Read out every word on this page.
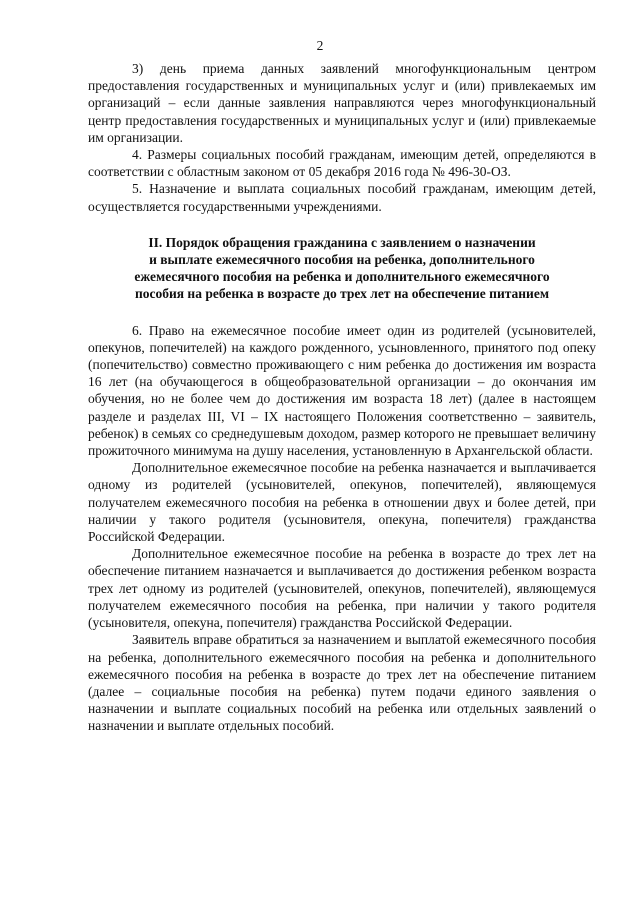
2

3) день приема данных заявлений многофункциональным центром предоставления государственных и муниципальных услуг и (или) привлекаемых им организаций – если данные заявления направляются через многофункциональный центр предоставления государственных и муниципальных услуг и (или) привлекаемые им организации.

4. Размеры социальных пособий гражданам, имеющим детей, определяются в соответствии с областным законом от 05 декабря 2016 года № 496-30-ОЗ.

5. Назначение и выплата социальных пособий гражданам, имеющим детей, осуществляется государственными учреждениями.

II. Порядок обращения гражданина с заявлением о назначении
и выплате ежемесячного пособия на ребенка, дополнительного
ежемесячного пособия на ребенка и дополнительного ежемесячного
пособия на ребенка в возрасте до трех лет на обеспечение питанием

6. Право на ежемесячное пособие имеет один из родителей (усыновителей, опекунов, попечителей) на каждого рожденного, усыновленного, принятого под опеку (попечительство) совместно проживающего с ним ребенка до достижения им возраста 16 лет (на обучающегося в общеобразовательной организации – до окончания им обучения, но не более чем до достижения им возраста 18 лет) (далее в настоящем разделе и разделах III, VI – IX настоящего Положения соответственно – заявитель, ребенок) в семьях со среднедушевым доходом, размер которого не превышает величину прожиточного минимума на душу населения, установленную в Архангельской области.

Дополнительное ежемесячное пособие на ребенка назначается и выплачивается одному из родителей (усыновителей, опекунов, попечителей), являющемуся получателем ежемесячного пособия на ребенка в отношении двух и более детей, при наличии у такого родителя (усыновителя, опекуна, попечителя) гражданства Российской Федерации.

Дополнительное ежемесячное пособие на ребенка в возрасте до трех лет на обеспечение питанием назначается и выплачивается до достижения ребенком возраста трех лет одному из родителей (усыновителей, опекунов, попечителей), являющемуся получателем ежемесячного пособия на ребенка, при наличии у такого родителя (усыновителя, опекуна, попечителя) гражданства Российской Федерации.

Заявитель вправе обратиться за назначением и выплатой ежемесячного пособия на ребенка, дополнительного ежемесячного пособия на ребенка и дополнительного ежемесячного пособия на ребенка в возрасте до трех лет на обеспечение питанием (далее – социальные пособия на ребенка) путем подачи единого заявления о назначении и выплате социальных пособий на ребенка или отдельных заявлений о назначении и выплате отдельных пособий.
